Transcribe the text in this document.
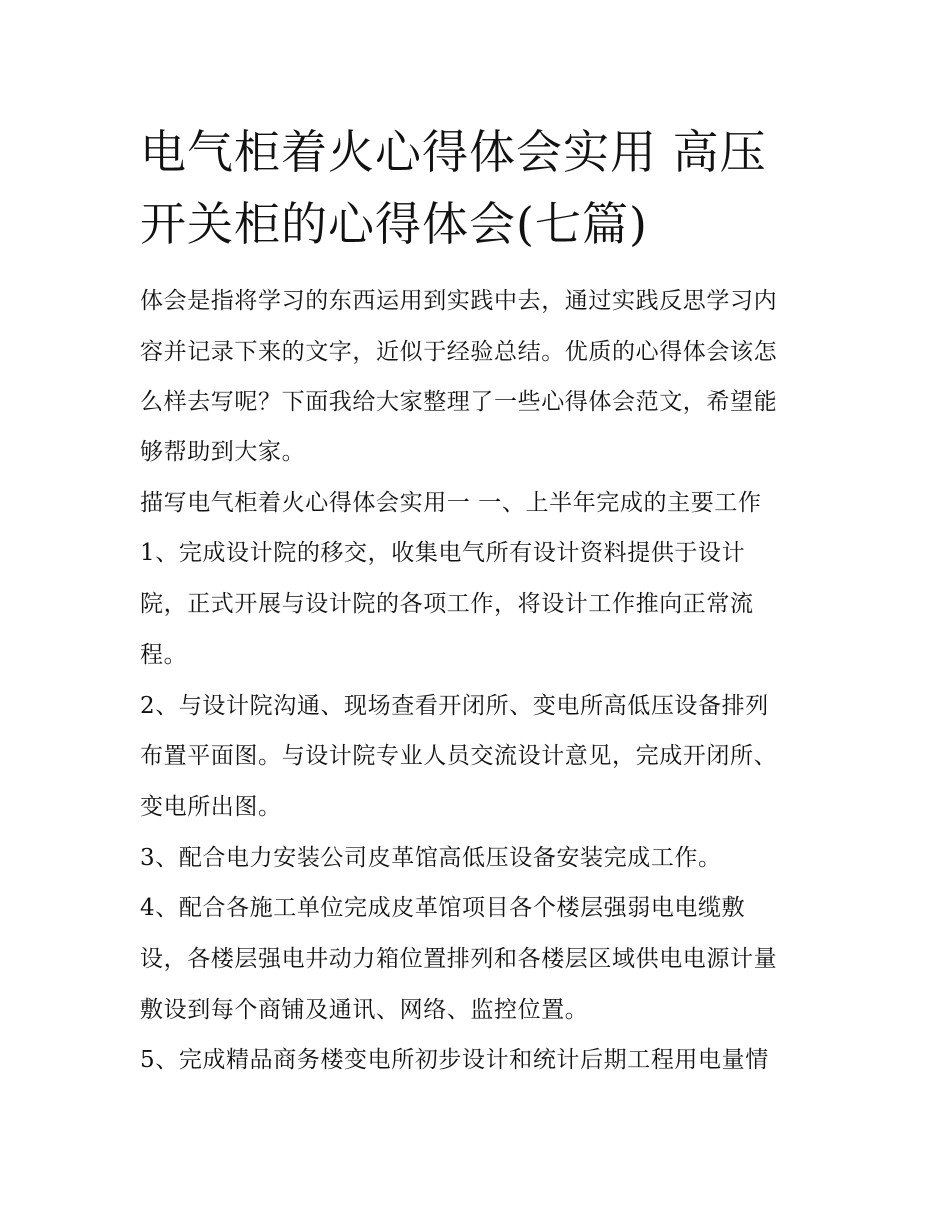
电气柜着火心得体会实用 高压
开关柜的心得体会(七篇)

体会是指将学习的东西运用到实践中去，通过实践反思学习内

容并记录下来的文字，近似于经验总结。优质的心得体会该怎

么样去写呢？下面我给大家整理了一些心得体会范文，希望能

够帮助到大家。

描写电气柜着火心得体会实用一 一、上半年完成的主要工作

1、完成设计院的移交，收集电气所有设计资料提供于设计

院，正式开展与设计院的各项工作，将设计工作推向正常流

程。

2、与设计院沟通、现场查看开闭所、变电所高低压设备排列

布置平面图。与设计院专业人员交流设计意见，完成开闭所、

变电所出图。

3、配合电力安装公司皮革馆高低压设备安装完成工作。

4、配合各施工单位完成皮革馆项目各个楼层强弱电电缆敷

设，各楼层强电井动力箱位置排列和各楼层区域供电电源计量

敷设到每个商铺及通讯、网络、监控位置。

5、完成精品商务楼变电所初步设计和统计后期工程用电量情
